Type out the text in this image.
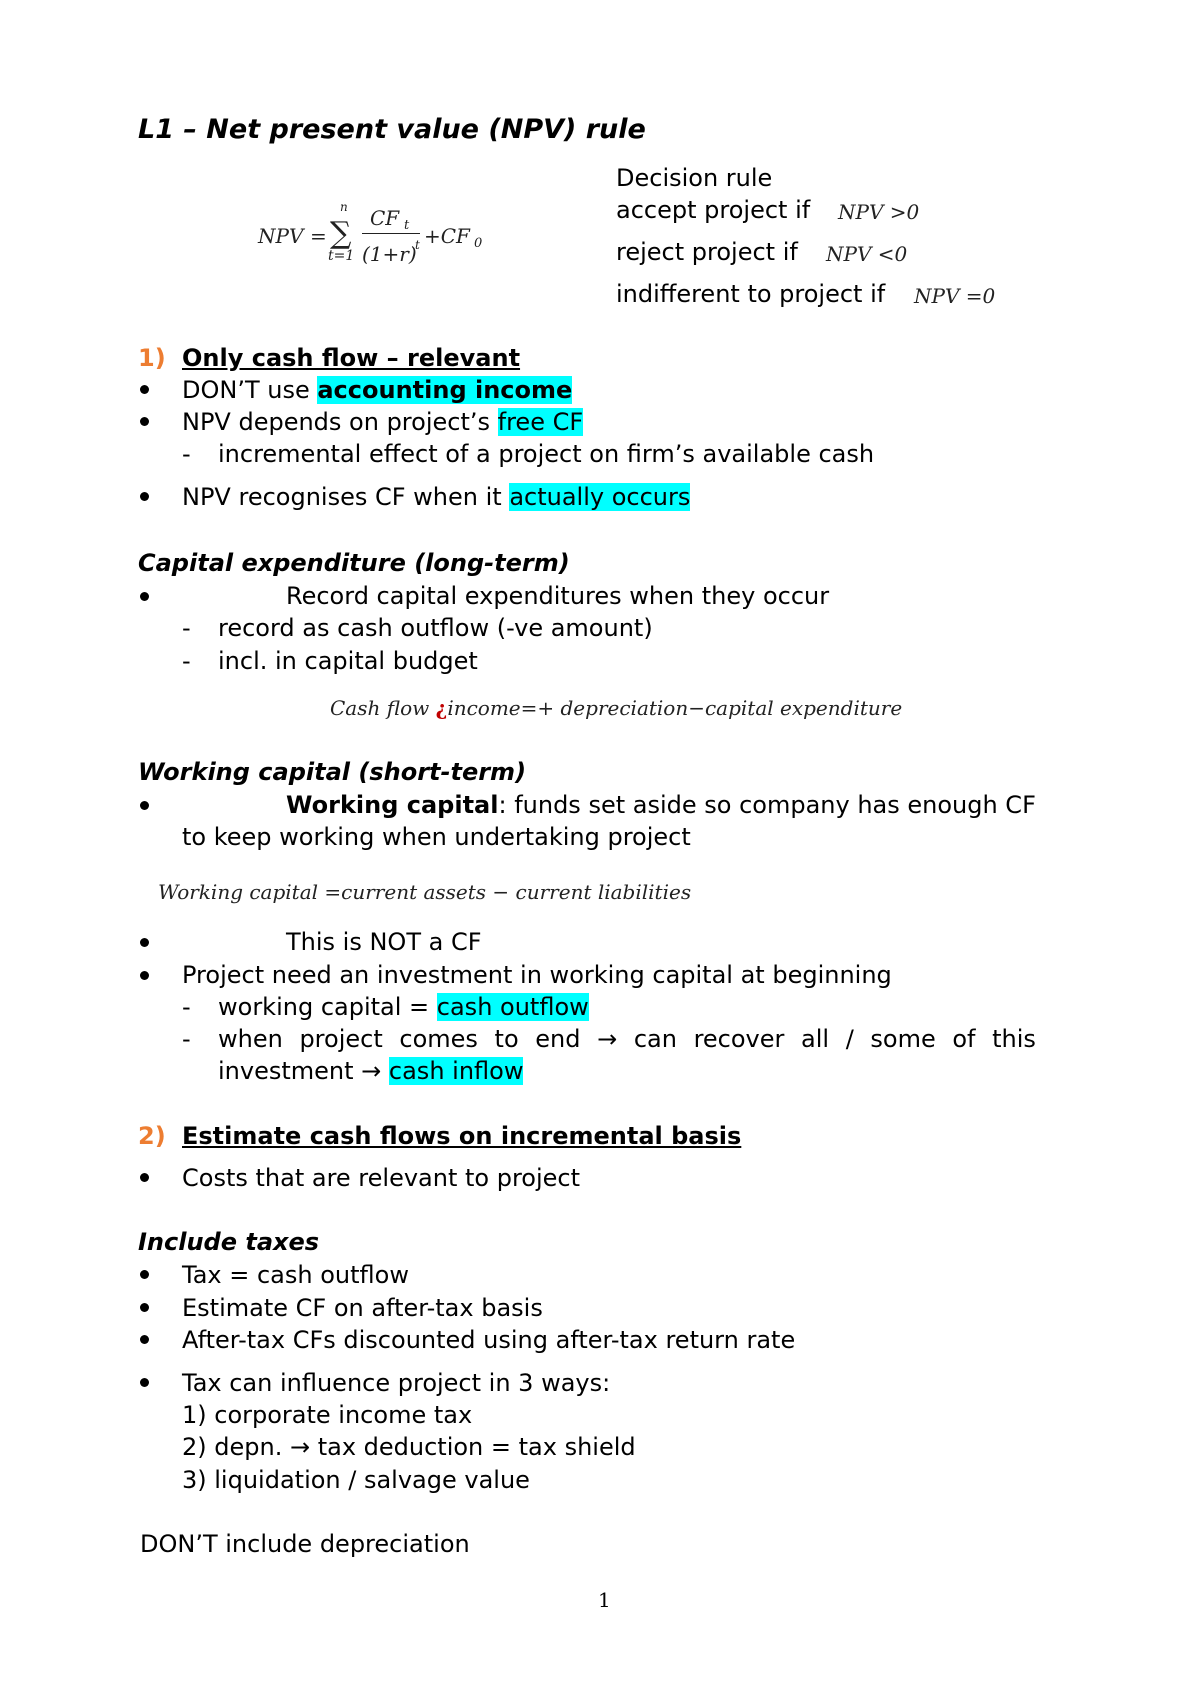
L1 – Net present value (NPV) rule
NPV = ∑
n
t=1
CF t
(1+r)
t +CF 0
Decision rule
accept project if NPV >0
reject project if NPV <0
indifferent to project if NPV =0
1) Only cash flow – relevant
DON’T use accounting income
NPV depends on project’s free CF
- incremental effect of a project on firm’s available cash
NPV recognises CF when it actually occurs
Capital expenditure (long-term)
Record capital expenditures when they occur
- record as cash outflow (-ve amount)
- incl. in capital budget
Cash flow ¿income=+ depreciation−capital expenditure
Working capital (short-term)
Working capital: funds set aside so company has enough CF
to keep working when undertaking project
Working capital =current assets − current liabilities
This is NOT a CF
Project need an investment in working capital at beginning
- working capital = cash outflow
- when project comes to end → can recover all / some of this
investment → cash inflow
2) Estimate cash flows on incremental basis
Costs that are relevant to project
Include taxes
Tax = cash outflow
Estimate CF on after-tax basis
After-tax CFs discounted using after-tax return rate
Tax can influence project in 3 ways:
1) corporate income tax
2) depn. → tax deduction = tax shield
3) liquidation / salvage value
DON’T include depreciation
1
